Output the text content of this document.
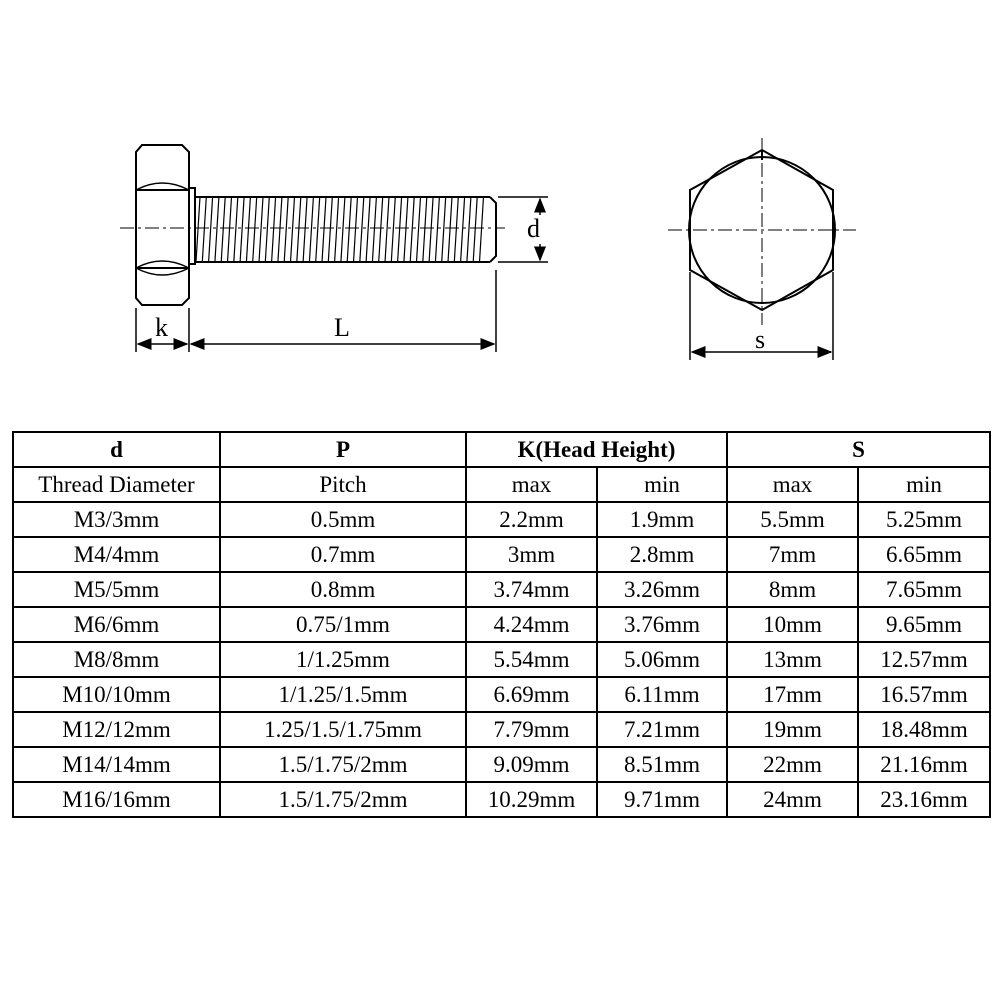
d
k	L	s
d	P	K(Head Height)		S	
Thread Diameter	Pitch	max	min	max	min
M3/3mm	0.5mm	2.2mm	1.9mm	5.5mm	5.25mm
M4/4mm	0.7mm	3mm	2.8mm	7mm	6.65mm
M5/5mm	0.8mm	3.74mm	3.26mm	8mm	7.65mm
M6/6mm	0.75/1mm	4.24mm	3.76mm	10mm	9.65mm
M8/8mm	1/1.25mm	5.54mm	5.06mm	13mm	12.57mm
M10/10mm	1/1.25/1.5mm	6.69mm	6.11mm	17mm	16.57mm
M12/12mm	1.25/1.5/1.75mm	7.79mm	7.21mm	19mm	18.48mm
M14/14mm	1.5/1.75/2mm	9.09mm	8.51mm	22mm	21.16mm
M16/16mm	1.5/1.75/2mm	10.29mm	9.71mm	24mm	23.16mm
